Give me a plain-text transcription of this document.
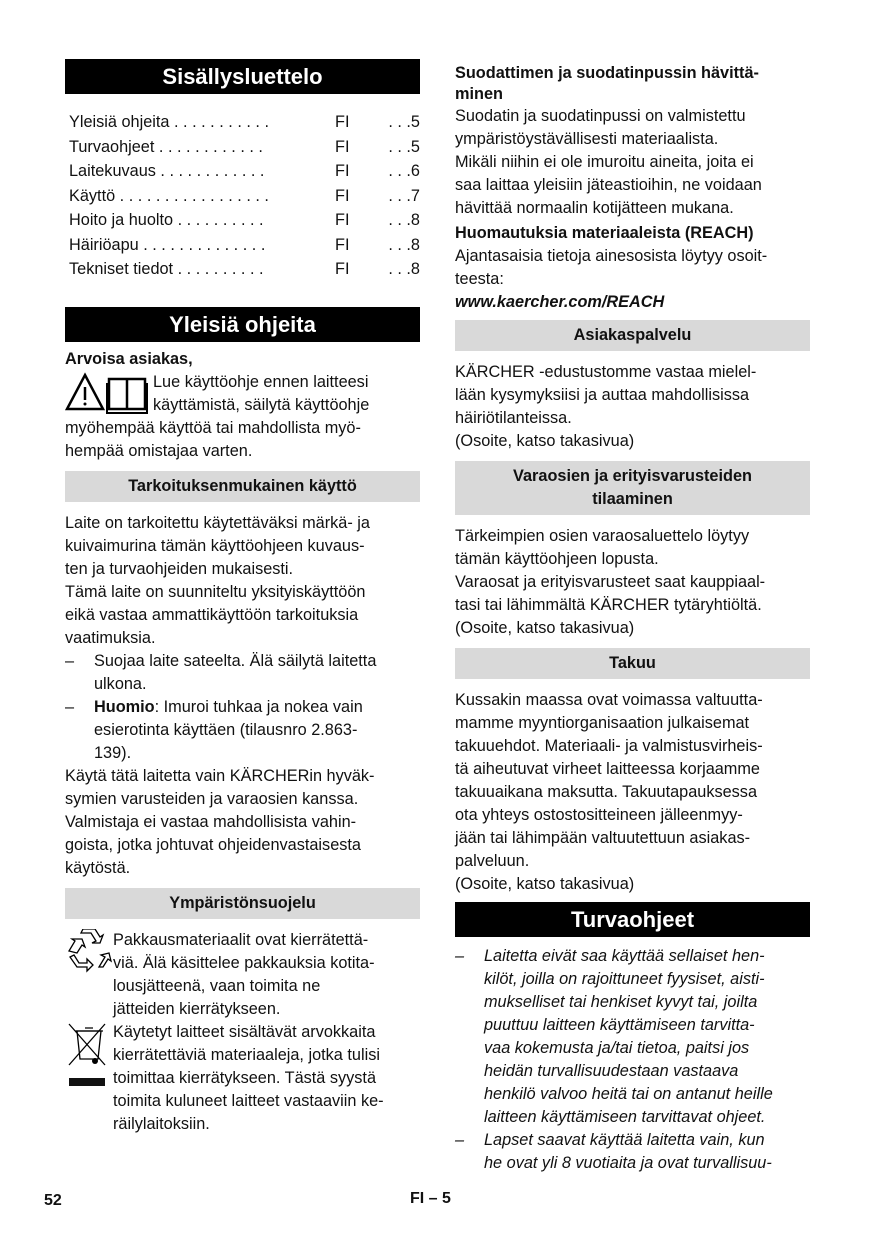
Sisällysluettelo
Yleisiä ohjeita . . . . . . . . . . .	FI	. . .5
Turvaohjeet . . . . . . . . . . . .	FI	. . .5
Laitekuvaus . . . . . . . . . . . .	FI	. . .6
Käyttö . . . . . . . . . . . . . . . . .	FI	. . .7
Hoito ja huolto . . . . . . . . . .	FI	. . .8
Häiriöapu . . . . . . . . . . . . . .	FI	. . .8
Tekniset tiedot . . . . . . . . . .	FI	. . .8
Yleisiä ohjeita
Arvoisa asiakas,
Lue käyttöohje ennen laitteesi
käyttämistä, säilytä käyttöohje
myöhempää käyttöä tai mahdollista myö-
hempää omistajaa varten.
Tarkoituksenmukainen käyttö
Laite on tarkoitettu käytettäväksi märkä- ja
kuivaimurina tämän käyttöohjeen kuvaus-
ten ja turvaohjeiden mukaisesti.
Tämä laite on suunniteltu yksityiskäyttöön
eikä vastaa ammattikäyttöön tarkoituksia
vaatimuksia.
–	Suojaa laite sateelta. Älä säilytä laitetta
ulkona.
–	Huomio: Imuroi tuhkaa ja nokea vain
esierotinta käyttäen (tilausnro 2.863-
139).
Käytä tätä laitetta vain KÄRCHERin hyväk-
symien varusteiden ja varaosien kanssa.
Valmistaja ei vastaa mahdollisista vahin-
goista, jotka johtuvat ohjeidenvastaisesta
käytöstä.
Ympäristönsuojelu
Pakkausmateriaalit ovat kierrätettä-
viä. Älä käsittelee pakkauksia kotita-
lousjätteenä, vaan toimita ne
jätteiden kierrätykseen.
Käytetyt laitteet sisältävät arvokkaita
kierrätettäviä materiaaleja, jotka tulisi
toimittaa kierrätykseen. Tästä syystä
toimita kuluneet laitteet vastaaviin ke-
räilylaitoksiin.
Suodattimen ja suodatinpussin hävittä-
minen
Suodatin ja suodatinpussi on valmistettu
ympäristöystävällisesti materiaalista.
Mikäli niihin ei ole imuroitu aineita, joita ei
saa laittaa yleisiin jäteastioihin, ne voidaan
hävittää normaalin kotijätteen mukana.
Huomautuksia materiaaleista (REACH)
Ajantasaisia tietoja ainesosista löytyy osoit-
teesta:
www.kaercher.com/REACH
Asiakaspalvelu
KÄRCHER -edustustomme vastaa mielel-
lään kysymyksiisi ja auttaa mahdollisissa
häiriötilanteissa.
(Osoite, katso takasivua)
Varaosien ja erityisvarusteiden
tilaaminen
Tärkeimpien osien varaosaluettelo löytyy
tämän käyttöohjeen lopusta.
Varaosat ja erityisvarusteet saat kauppiaal-
tasi tai lähimmältä KÄRCHER tytäryhtiöltä.
(Osoite, katso takasivua)
Takuu
Kussakin maassa ovat voimassa valtuutta-
mamme myyntiorganisaation julkaisemat
takuuehdot. Materiaali- ja valmistusvirheis-
tä aiheutuvat virheet laitteessa korjaamme
takuuaikana maksutta. Takuutapauksessa
ota yhteys ostostositteineen jälleenmyy-
jään tai lähimpään valtuutettuun asiakas-
palveluun.
(Osoite, katso takasivua)
Turvaohjeet
–	Laitetta eivät saa käyttää sellaiset hen-
kilöt, joilla on rajoittuneet fyysiset, aisti-
mukselliset tai henkiset kyvyt tai, joilta
puuttuu laitteen käyttämiseen tarvitta-
vaa kokemusta ja/tai tietoa, paitsi jos
heidän turvallisuudestaan vastaava
henkilö valvoo heitä tai on antanut heille
laitteen käyttämiseen tarvittavat ohjeet.
–	Lapset saavat käyttää laitetta vain, kun
he ovat yli 8 vuotiaita ja ovat turvallisuu-
52	FI – 5
